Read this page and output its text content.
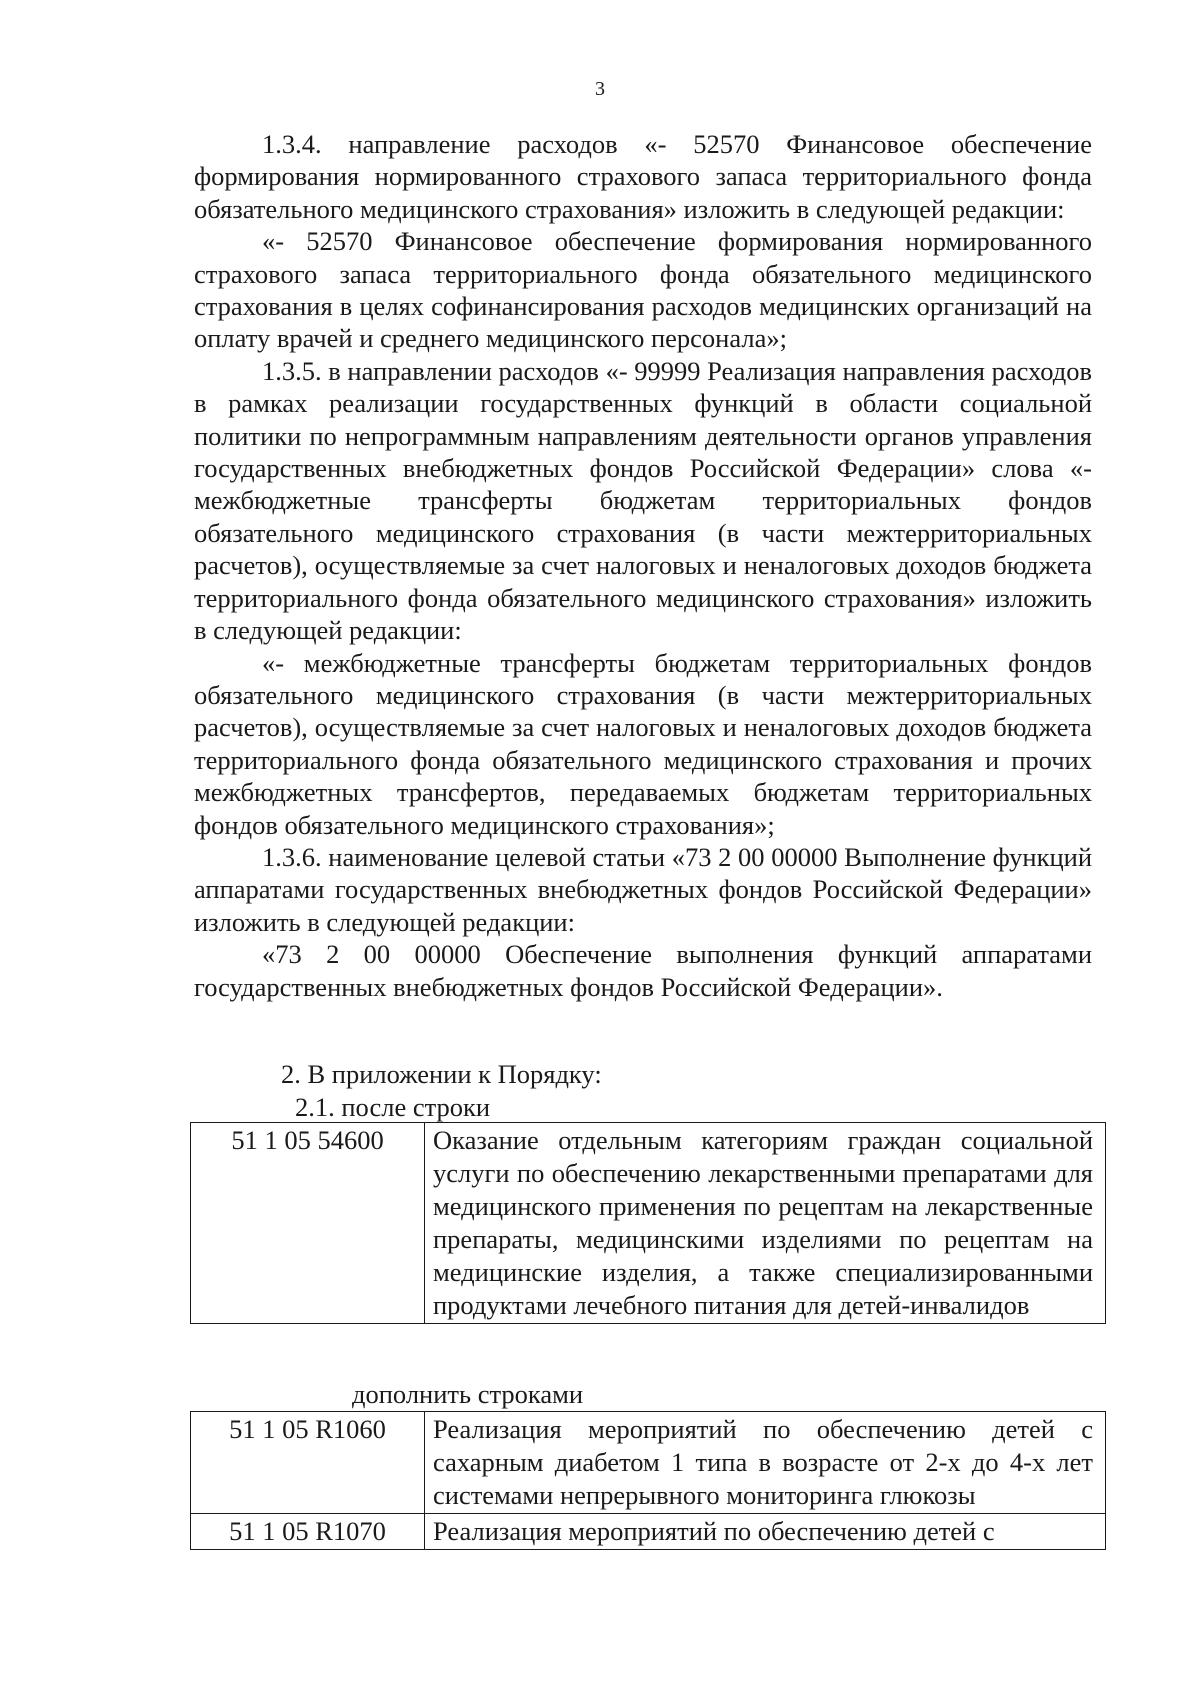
3

1.3.4. направление расходов «- 52570 Финансовое обеспечение формирования нормированного страхового запаса территориального фонда обязательного медицинского страхования» изложить в следующей редакции:

«- 52570 Финансовое обеспечение формирования нормированного страхового запаса территориального фонда обязательного медицинского страхования в целях софинансирования расходов медицинских организаций на оплату врачей и среднего медицинского персонала»;

1.3.5. в направлении расходов «- 99999 Реализация направления расходов в рамках реализации государственных функций в области социальной политики по непрограммным направлениям деятельности органов управления государственных внебюджетных фондов Российской Федерации» слова «- межбюджетные трансферты бюджетам территориальных фондов обязательного медицинского страхования (в части межтерриториальных расчетов), осуществляемые за счет налоговых и неналоговых доходов бюджета территориального фонда обязательного медицинского страхования» изложить в следующей редакции:

«- межбюджетные трансферты бюджетам территориальных фондов обязательного медицинского страхования (в части межтерриториальных расчетов), осуществляемые за счет налоговых и неналоговых доходов бюджета территориального фонда обязательного медицинского страхования и прочих межбюджетных трансфертов, передаваемых бюджетам территориальных фондов обязательного медицинского страхования»;

1.3.6. наименование целевой статьи «73 2 00 00000 Выполнение функций аппаратами государственных внебюджетных фондов Российской Федерации» изложить в следующей редакции:

«73 2 00 00000 Обеспечение выполнения функций аппаратами государственных внебюджетных фондов Российской Федерации».

2. В приложении к Порядку:
2.1. после строки
51 1 05 54600	Оказание отдельным категориям граждан социальной услуги по обеспечению лекарственными препаратами для медицинского применения по рецептам на лекарственные препараты, медицинскими изделиями по рецептам на медицинские изделия, а также специализированными продуктами лечебного питания для детей-инвалидов
дополнить строками
51 1 05 R1060	Реализация мероприятий по обеспечению детей с сахарным диабетом 1 типа в возрасте от 2-х до 4-х лет системами непрерывного мониторинга глюкозы
51 1 05 R1070	Реализация мероприятий по обеспечению детей с
